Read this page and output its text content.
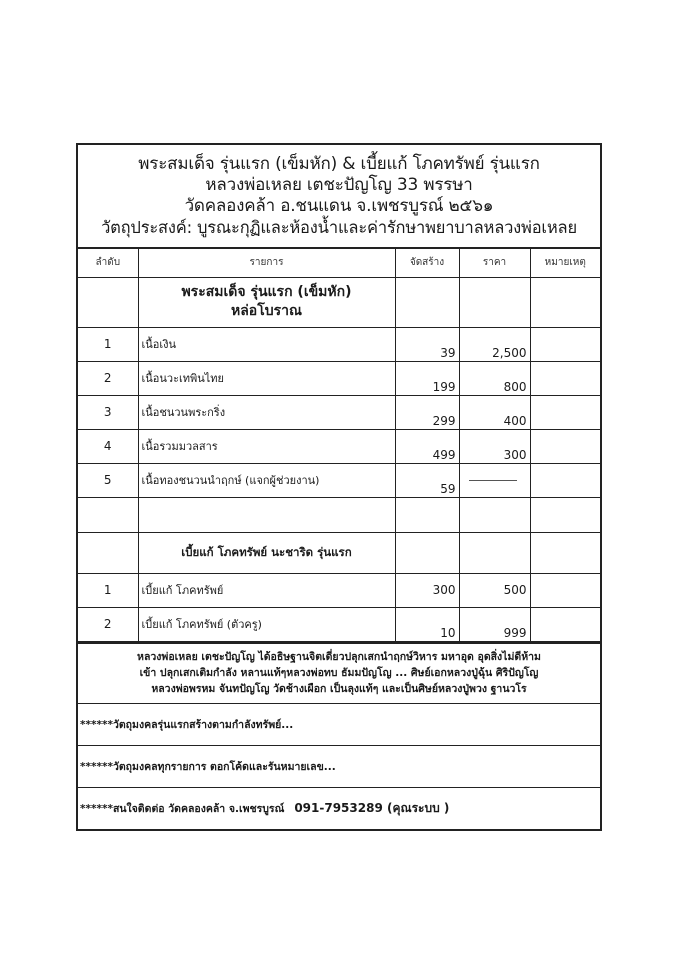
พระสมเด็จ รุ่นแรก (เข็มหัก) & เบี้ยแก้ โภคทรัพย์ รุ่นแรก
หลวงพ่อเหลย เตชะปัญโญ 33 พรรษา
วัดคลองคล้า อ.ชนแดน จ.เพชรบูรณ์ ๒๕๖๑
วัตถุประสงค์: บูรณะกุฏิและห้องน้ำและค่ารักษาพยาบาลหลวงพ่อเหลย
ลำดับ	รายการ	จัดสร้าง	ราคา	หมายเหตุ

	พระสมเด็จ รุ่นแรก (เข็มหัก)
หล่อโบราณ			

1	เนื้อเงิน	39	2,500	
2	เนื้อนวะเทพินไทย	199	800	
3	เนื้อชนวนพระกริ่ง	299	400	
4	เนื้อรวมมวลสาร	499	300	
5	เนื้อทองชนวนนำฤกษ์ (แจกผู้ช่วยงาน)	59		

	เบี้ยแก้ โภคทรัพย์ นะชาริด รุ่นแรก			
1	เบี้ยแก้ โภคทรัพย์	300	500	
2	เบี้ยแก้ โภคทรัพย์ (ตัวครู)	10	999	
หลวงพ่อเหลย เตชะปัญโญ ได้อธิษฐานจิตเดี่ยวปลุกเสกนำฤกษ์วิหาร มหาอุด อุดสิ่งไม่ดีห้าม
เข้า ปลุกเสกเติมกำลัง หลานแท้ๆหลวงพ่อทบ ธัมมปัญโญ ... ศิษย์เอกหลวงปู่ฉุ้น ศิริปัญโญ
หลวงพ่อพรหม จันทปัญโญ วัดช้างเผือก เป็นลุงแท้ๆ และเป็นศิษย์หลวงปู่พวง ฐานวโร
******วัตถุมงคลรุ่นแรกสร้างตามกำลังทรัพย์...
******วัตถุมงคลทุกรายการ ตอกโค้ดและรันหมายเลข...
******สนใจติดต่อ วัดคลองคล้า จ.เพชรบูรณ์ 091-7953289 (คุณระบบ )
